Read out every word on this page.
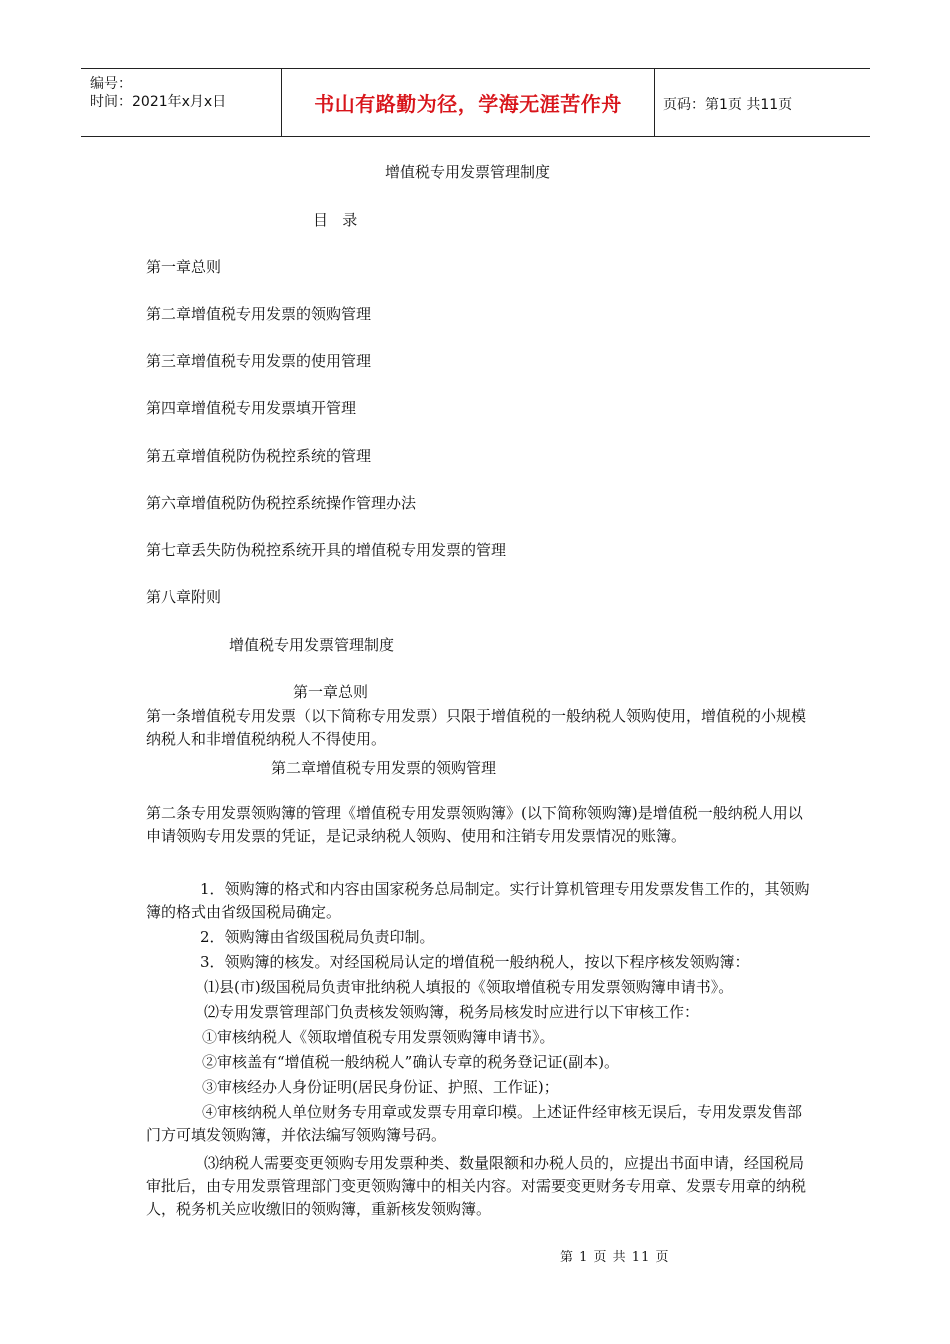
编号：
时间：2021年x月x日	书山有路勤为径，学海无涯苦作舟	页码：第1页 共11页
增值税专用发票管理制度
目   录
第一章总则
第二章增值税专用发票的领购管理
第三章增值税专用发票的使用管理
第四章增值税专用发票填开管理
第五章增值税防伪税控系统的管理
第六章增值税防伪税控系统操作管理办法
第七章丢失防伪税控系统开具的增值税专用发票的管理
第八章附则
增值税专用发票管理制度
第一章总则
第一条增值税专用发票（以下简称专用发票）只限于增值税的一般纳税人领购使用，增值税的小规模纳税人和非增值税纳税人不得使用。
第二章增值税专用发票的领购管理
第二条专用发票领购簿的管理《增值税专用发票领购簿》(以下简称领购簿)是增值税一般纳税人用以申请领购专用发票的凭证，是记录纳税人领购、使用和注销专用发票情况的账簿。
1．领购簿的格式和内容由国家税务总局制定。实行计算机管理专用发票发售工作的，其领购簿的格式由省级国税局确定。
2．领购簿由省级国税局负责印制。
3．领购簿的核发。对经国税局认定的增值税一般纳税人，按以下程序核发领购簿：
⑴县(市)级国税局负责审批纳税人填报的《领取增值税专用发票领购簿申请书》。
⑵专用发票管理部门负责核发领购簿，税务局核发时应进行以下审核工作：
①审核纳税人《领取增值税专用发票领购簿申请书》。
②审核盖有“增值税一般纳税人”确认专章的税务登记证(副本)。
③审核经办人身份证明(居民身份证、护照、工作证)；
④审核纳税人单位财务专用章或发票专用章印模。上述证件经审核无误后，专用发票发售部门方可填发领购簿，并依法编写领购簿号码。
⑶纳税人需要变更领购专用发票种类、数量限额和办税人员的，应提出书面申请，经国税局审批后，由专用发票管理部门变更领购簿中的相关内容。对需要变更财务专用章、发票专用章的纳税人，税务机关应收缴旧的领购簿，重新核发领购簿。
第 1 页 共 11 页
